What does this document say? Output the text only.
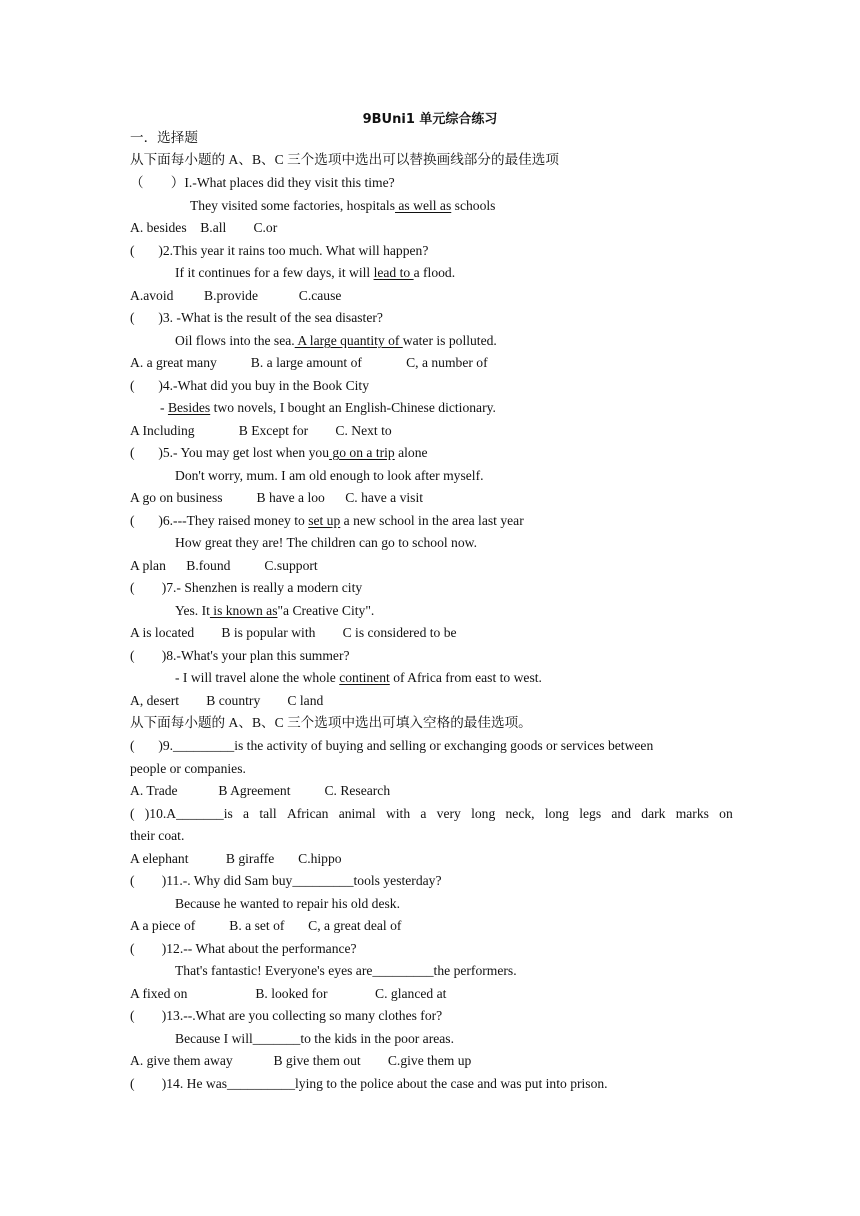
9BUni1 单元综合练习
一．选择题
从下面每小题的 A、B、C 三个选项中选出可以替换画线部分的最佳选项
（　　）I.-What places did they visit this time?
They visited some factories, hospitals as well as schools
A. besides    B.all        C.or
(       )2.This year it rains too much. What will happen?
If it continues for a few days, it will lead to a flood.
A.avoid         B.provide            C.cause
(       )3. -What is the result of the sea disaster?
Oil flows into the sea. A large quantity of water is polluted.
A. a great many          B. a large amount of             C, a number of
(       )4.-What did you buy in the Book City
- Besides two novels, I bought an English-Chinese dictionary.
A Including             B Except for        C. Next to
(       )5.- You may get lost when you go on a trip alone
Don't worry, mum. I am old enough to look after myself.
A go on business          B have a loo      C. have a visit
(       )6.---They raised money to set up a new school in the area last year
How great they are! The children can go to school now.
A plan      B.found          C.support
(        )7.- Shenzhen is really a modern city
Yes. It is known as"a Creative City".
A is located        B is popular with        C is considered to be
(        )8.-What's your plan this summer?
- I will travel alone the whole continent of Africa from east to west.
A, desert        B country        C land
从下面每小题的 A、B、C 三个选项中选出可填入空格的最佳选项。
(       )9._________is the activity of buying and selling or exchanging goods or services between
people or companies.
A. Trade            B Agreement          C. Research
( )10.A_______is a tall African animal with a very long neck, long legs and dark marks on
their coat.
A elephant           B giraffe       C.hippo
(        )11.-. Why did Sam buy_________tools yesterday?
Because he wanted to repair his old desk.
A a piece of          B. a set of       C, a great deal of
(        )12.-- What about the performance?
That's fantastic! Everyone's eyes are_________the performers.
A fixed on                    B. looked for              C. glanced at
(        )13.--.What are you collecting so many clothes for?
Because I will_______to the kids in the poor areas.
A. give them away            B give them out        C.give them up
(        )14. He was__________lying to the police about the case and was put into prison.
